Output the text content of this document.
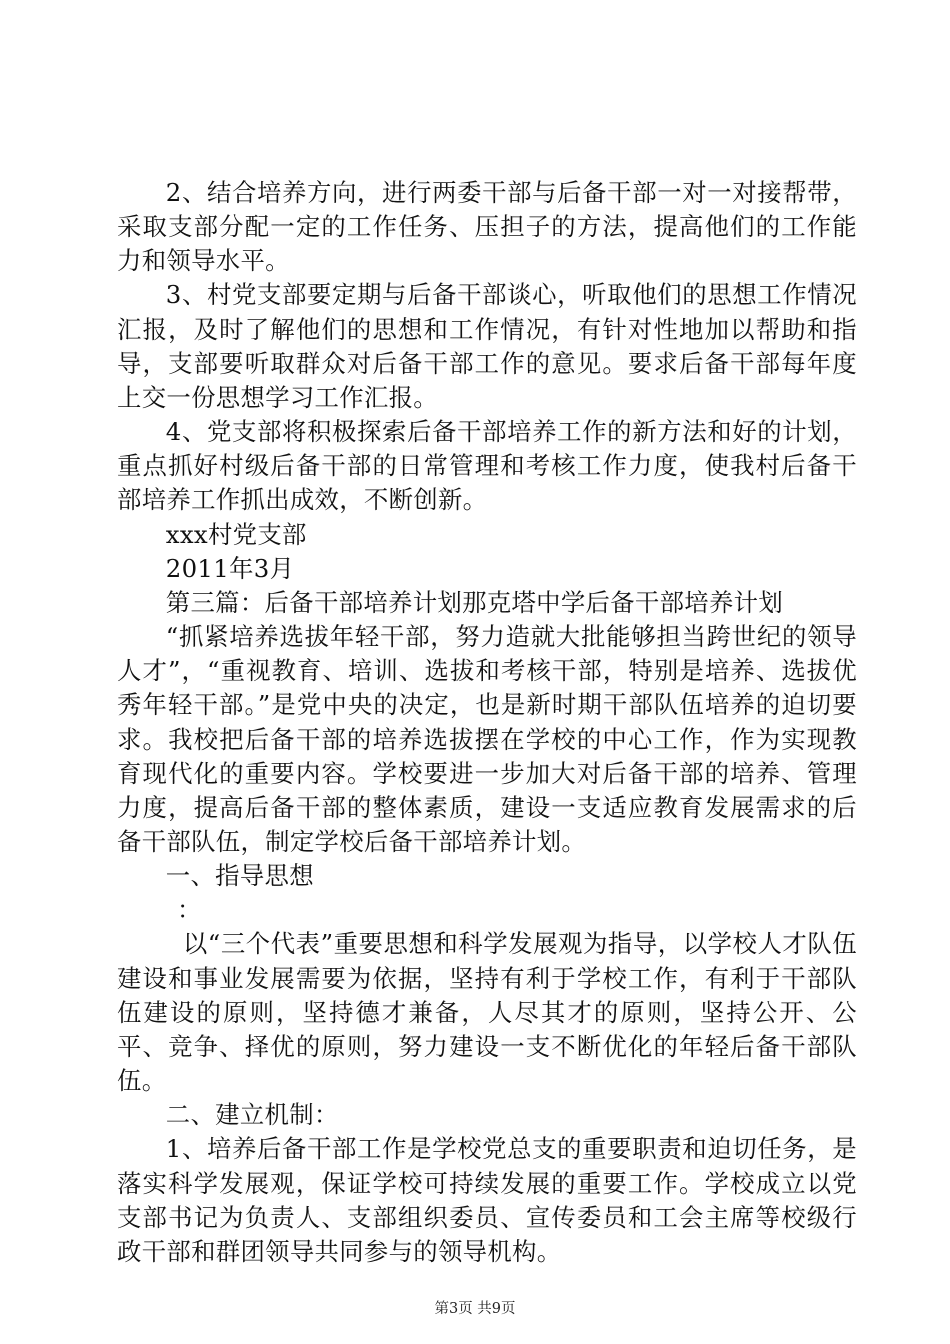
2、结合培养方向，进行两委干部与后备干部一对一对接帮带，采取支部分配一定的工作任务、压担子的方法，提高他们的工作能力和领导水平。

3、村党支部要定期与后备干部谈心，听取他们的思想工作情况汇报，及时了解他们的思想和工作情况，有针对性地加以帮助和指导，支部要听取群众对后备干部工作的意见。要求后备干部每年度上交一份思想学习工作汇报。

4、党支部将积极探索后备干部培养工作的新方法和好的计划，重点抓好村级后备干部的日常管理和考核工作力度，使我村后备干部培养工作抓出成效，不断创新。

xxx村党支部

2011年3月

第三篇：后备干部培养计划那克塔中学后备干部培养计划

“抓紧培养选拔年轻干部，努力造就大批能够担当跨世纪的领导人才”，“重视教育、培训、选拔和考核干部，特别是培养、选拔优秀年轻干部。”是党中央的决定，也是新时期干部队伍培养的迫切要求。我校把后备干部的培养选拔摆在学校的中心工作，作为实现教育现代化的重要内容。学校要进一步加大对后备干部的培养、管理力度，提高后备干部的整体素质，建设一支适应教育发展需求的后备干部队伍，制定学校后备干部培养计划。

一、指导思想

：

以“三个代表”重要思想和科学发展观为指导，以学校人才队伍建设和事业发展需要为依据，坚持有利于学校工作，有利于干部队伍建设的原则，坚持德才兼备，人尽其才的原则，坚持公开、公平、竞争、择优的原则，努力建设一支不断优化的年轻后备干部队伍。

二、建立机制：

1、培养后备干部工作是学校党总支的重要职责和迫切任务，是落实科学发展观，保证学校可持续发展的重要工作。学校成立以党支部书记为负责人、支部组织委员、宣传委员和工会主席等校级行政干部和群团领导共同参与的领导机构。

第3页 共9页
